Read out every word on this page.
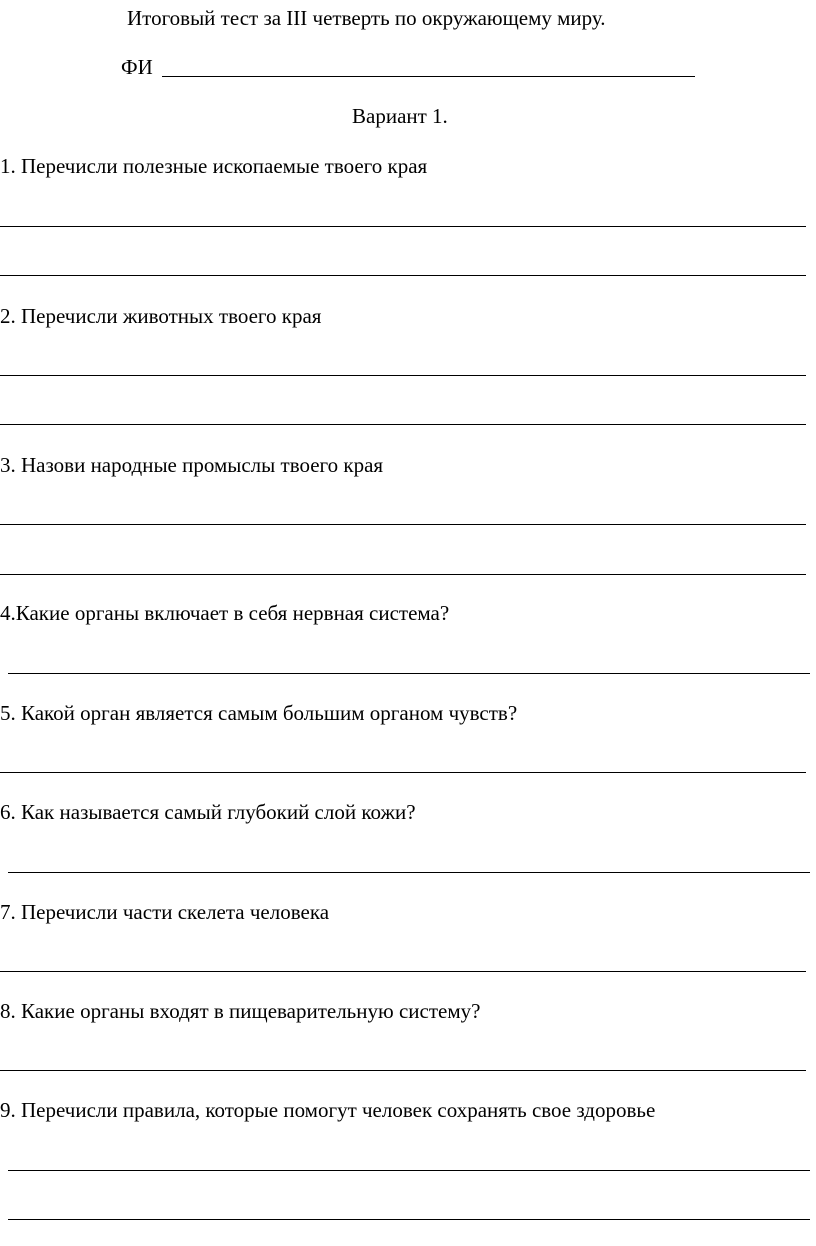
Итоговый тест за III четверть по окружающему миру.
ФИ
Вариант 1.
1. Перечисли полезные ископаемые твоего края
2. Перечисли животных твоего края
3. Назови народные промыслы твоего края
4.Какие органы включает в себя нервная система?
5. Какой орган является самым большим органом чувств?
6. Как называется самый глубокий слой кожи?
7. Перечисли части скелета человека
8. Какие органы входят в пищеварительную систему?
9. Перечисли правила, которые помогут человек сохранять свое здоровье
